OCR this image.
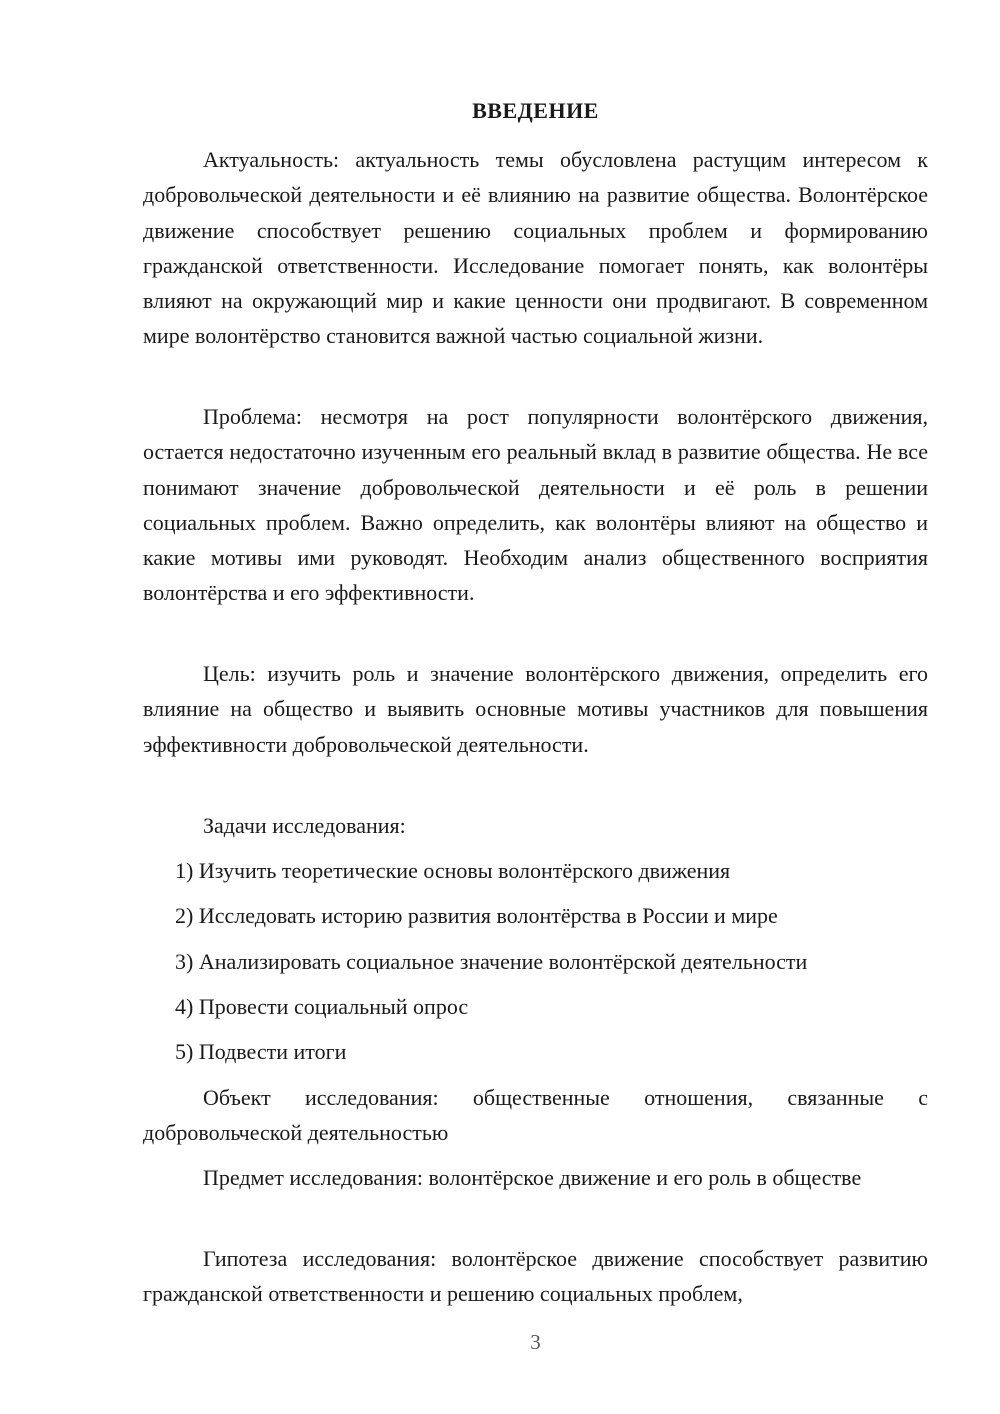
ВВЕДЕНИЕ

Актуальность: актуальность темы обусловлена растущим интересом к добровольческой деятельности и её влиянию на развитие общества. Волонтёрское движение способствует решению социальных проблем и формированию гражданской ответственности. Исследование помогает понять, как волонтёры влияют на окружающий мир и какие ценности они продвигают. В современном мире волонтёрство становится важной частью социальной жизни.

Проблема: несмотря на рост популярности волонтёрского движения, остается недостаточно изученным его реальный вклад в развитие общества. Не все понимают значение добровольческой деятельности и её роль в решении социальных проблем. Важно определить, как волонтёры влияют на общество и какие мотивы ими руководят. Необходим анализ общественного восприятия волонтёрства и его эффективности.

Цель: изучить роль и значение волонтёрского движения, определить его влияние на общество и выявить основные мотивы участников для повышения эффективности добровольческой деятельности.

Задачи исследования:

1) Изучить теоретические основы волонтёрского движения

2) Исследовать историю развития волонтёрства в России и мире

3) Анализировать социальное значение волонтёрской деятельности

4) Провести социальный опрос

5) Подвести итоги

Объект исследования: общественные отношения, связанные с добровольческой деятельностью

Предмет исследования: волонтёрское движение и его роль в обществе

Гипотеза исследования: волонтёрское движение способствует развитию гражданской ответственности и решению социальных проблем,

3
